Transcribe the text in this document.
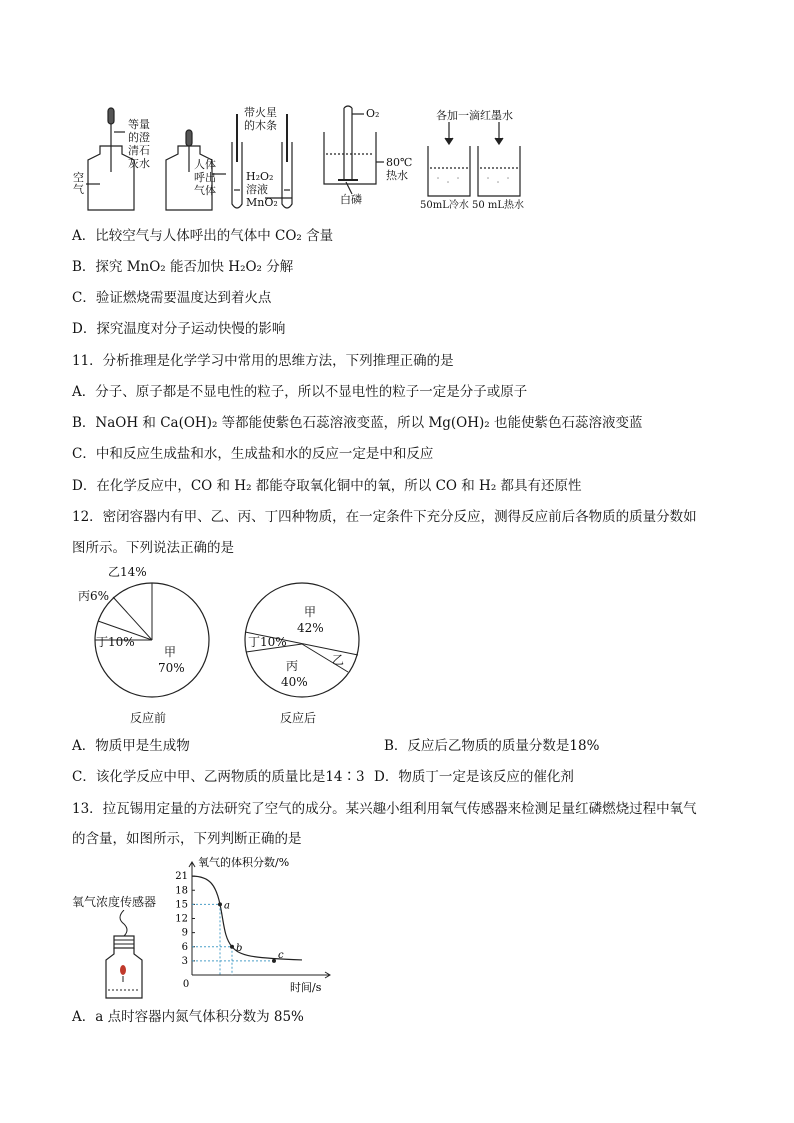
等量
的澄
清石
灰水
空气
人体
呼出
气体
带火星
的木条
H₂O₂
溶液
MnO₂
O₂
80℃
热水
白磷
各加一滴红墨水
50mL冷水 50 mL热水
A．比较空气与人体呼出的气体中 CO₂ 含量
B．探究 MnO₂ 能否加快 H₂O₂ 分解
C．验证燃烧需要温度达到着火点
D．探究温度对分子运动快慢的影响
11．分析推理是化学学习中常用的思维方法，下列推理正确的是
A．分子、原子都是不显电性的粒子，所以不显电性的粒子一定是分子或原子
B．NaOH 和 Ca(OH)₂ 等都能使紫色石蕊溶液变蓝，所以 Mg(OH)₂ 也能使紫色石蕊溶液变蓝
C．中和反应生成盐和水，生成盐和水的反应一定是中和反应
D．在化学反应中，CO 和 H₂ 都能夺取氧化铜中的氧，所以 CO 和 H₂ 都具有还原性
12．密闭容器内有甲、乙、丙、丁四种物质，在一定条件下充分反应，测得反应前后各物质的质量分数如
图所示。下列说法正确的是
乙14%
丙6%
丁10%
甲
70%
反应前
甲
42%
丁10%
乙
丙
40%
反应后
A．物质甲是生成物	B．反应后乙物质的质量分数是18%
C．该化学反应中甲、乙两物质的质量比是14∶3 D．物质丁一定是该反应的催化剂
13．拉瓦锡用定量的方法研究了空气的成分。某兴趣小组利用氧气传感器来检测足量红磷燃烧过程中氧气
的含量，如图所示，下列判断正确的是
氧气浓度传感器
氧气的体积分数/%
时间/s
0
21
18
15
12
9
6
3
a
b
c
A．a 点时容器内氮气体积分数为 85%
